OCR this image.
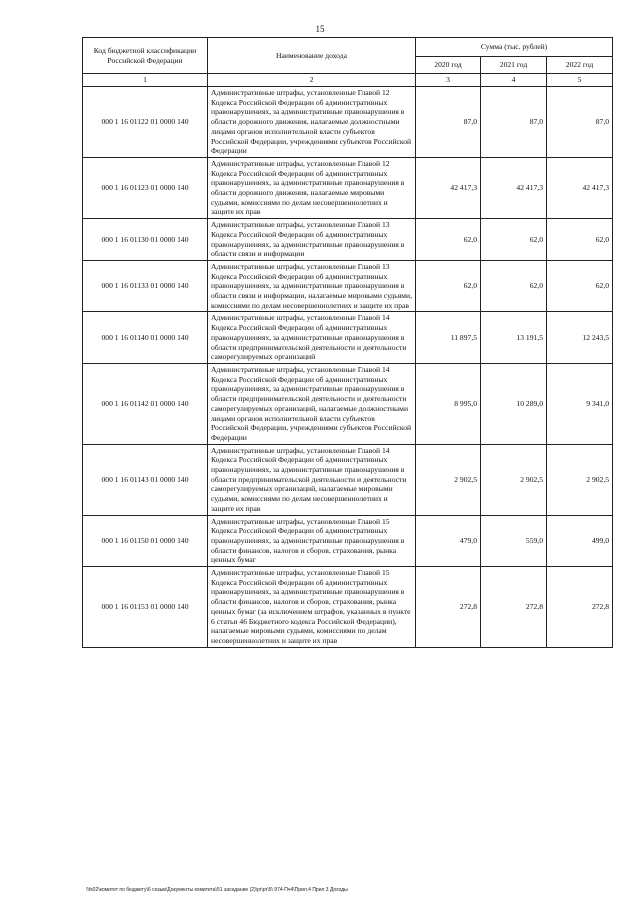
15
Код бюджетной классификации Российской Федерации	Наименование дохода	Сумма (тыс. рублей)		
		2020 год	2021 год	2022 год
1	2	3	4	5
000 1 16 01122 01 0000 140	Административные штрафы, установленные Главой 12 Кодекса Российской Федерации об административных правонарушениях, за административные правонарушения в области дорожного движения, налагаемые должностными лицами органов исполнительной власти субъектов Российской Федерации, учреждениями субъектов Российской Федерации	87,0	87,0	87,0
000 1 16 01123 01 0000 140	Административные штрафы, установленные Главой 12 Кодекса Российской Федерации об административных правонарушениях, за административные правонарушения в области дорожного движения, налагаемые мировыми судьями, комиссиями по делам несовершеннолетних и защите их прав	42 417,3	42 417,3	42 417,3
000 1 16 01130 01 0000 140	Административные штрафы, установленные Главой 13 Кодекса Российской Федерации об административных правонарушениях, за административные правонарушения в области связи и информации	62,0	62,0	62,0
000 1 16 01133 01 0000 140	Административные штрафы, установленные Главой 13 Кодекса Российской Федерации об административных правонарушениях, за административные правонарушения в области связи и информации, налагаемые мировыми судьями, комиссиями по делам несовершеннолетних и защите их прав	62,0	62,0	62,0
000 1 16 01140 01 0000 140	Административные штрафы, установленные Главой 14 Кодекса Российской Федерации об административных правонарушениях, за административные правонарушения в области предпринимательской деятельности и деятельности саморегулируемых организаций	11 897,5	13 191,5	12 243,5
000 1 16 01142 01 0000 140	Административные штрафы, установленные Главой 14 Кодекса Российской Федерации об административных правонарушениях, за административные правонарушения в области предпринимательской деятельности и деятельности саморегулируемых организаций, налагаемые должностными лицами органов исполнительной власти субъектов Российской Федерации, учреждениями субъектов Российской Федерации	8 995,0	10 289,0	9 341,0
000 1 16 01143 01 0000 140	Административные штрафы, установленные Главой 14 Кодекса Российской Федерации об административных правонарушениях, за административные правонарушения в области предпринимательской деятельности и деятельности саморегулируемых организаций, налагаемые мировыми судьями, комиссиями по делам несовершеннолетних и защите их прав	2 902,5	2 902,5	2 902,5
000 1 16 01150 01 0000 140	Административные штрафы, установленные Главой 15 Кодекса Российской Федерации об административных правонарушениях, за административные правонарушения в области финансов, налогов и сборов, страхования, рынка ценных бумаг	479,0	559,0	499,0
000 1 16 01153 01 0000 140	Административные штрафы, установленные Главой 15 Кодекса Российской Федерации об административных правонарушениях, за административные правонарушения в области финансов, налогов и сборов, страхования, рынка ценных бумаг (за исключением штрафов, указанных в пункте 6 статьи 46 Бюджетного кодекса Российской Федерации), налагаемые мировыми судьями, комиссиями по делам несовершеннолетних и защите их прав	272,8	272,8	272,8
\\fs02\комитет по бюджету\6 созыв\Документы комитета\51 заседание (2)\pr\pr\5\ 974-Пч4\Прил.4 Прил 3 Доходы
